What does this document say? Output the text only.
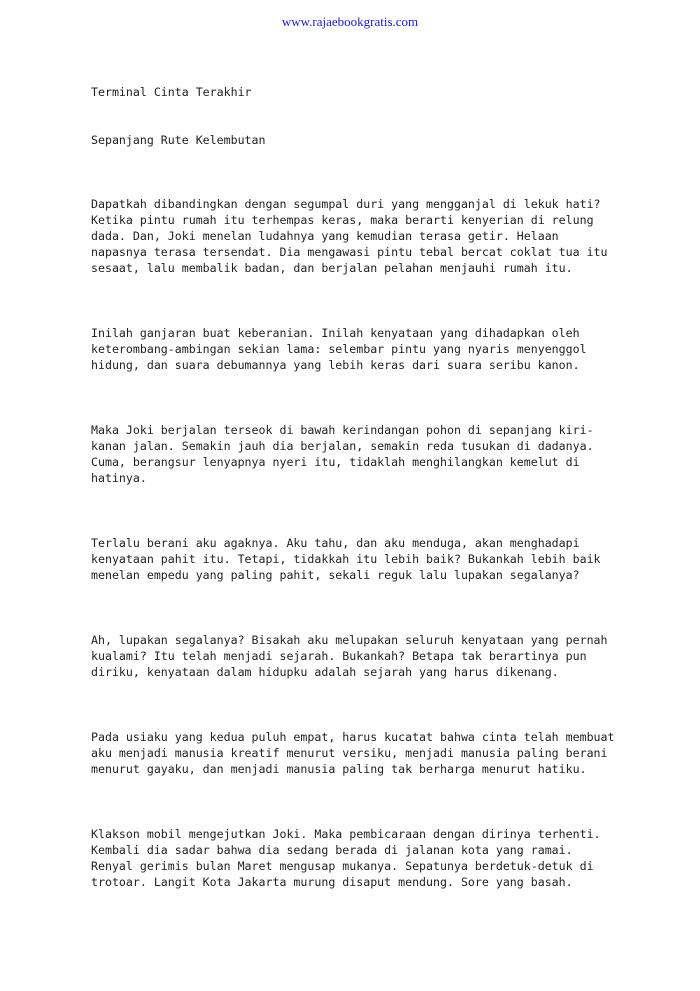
www.rajaebookgratis.com

Terminal Cinta Terakhir

Sepanjang Rute Kelembutan

Dapatkah dibandingkan dengan segumpal duri yang mengganjal di lekuk hati?
Ketika pintu rumah itu terhempas keras, maka berarti kenyerian di relung
dada. Dan, Joki menelan ludahnya yang kemudian terasa getir. Helaan
napasnya terasa tersendat. Dia mengawasi pintu tebal bercat coklat tua itu
sesaat, lalu membalik badan, dan berjalan pelahan menjauhi rumah itu.
Inilah ganjaran buat keberanian. Inilah kenyataan yang dihadapkan oleh
keterombang-ambingan sekian lama: selembar pintu yang nyaris menyenggol
hidung, dan suara debumannya yang lebih keras dari suara seribu kanon.
Maka Joki berjalan terseok di bawah kerindangan pohon di sepanjang kiri-
kanan jalan. Semakin jauh dia berjalan, semakin reda tusukan di dadanya.
Cuma, berangsur lenyapnya nyeri itu, tidaklah menghilangkan kemelut di
hatinya.
Terlalu berani aku agaknya. Aku tahu, dan aku menduga, akan menghadapi
kenyataan pahit itu. Tetapi, tidakkah itu lebih baik? Bukankah lebih baik
menelan empedu yang paling pahit, sekali reguk lalu lupakan segalanya?
Ah, lupakan segalanya? Bisakah aku melupakan seluruh kenyataan yang pernah
kualami? Itu telah menjadi sejarah. Bukankah? Betapa tak berartinya pun
diriku, kenyataan dalam hidupku adalah sejarah yang harus dikenang.
Pada usiaku yang kedua puluh empat, harus kucatat bahwa cinta telah membuat
aku menjadi manusia kreatif menurut versiku, menjadi manusia paling berani
menurut gayaku, dan menjadi manusia paling tak berharga menurut hatiku.
Klakson mobil mengejutkan Joki. Maka pembicaraan dengan dirinya terhenti.
Kembali dia sadar bahwa dia sedang berada di jalanan kota yang ramai.
Renyal gerimis bulan Maret mengusap mukanya. Sepatunya berdetuk-detuk di
trotoar. Langit Kota Jakarta murung disaput mendung. Sore yang basah.
